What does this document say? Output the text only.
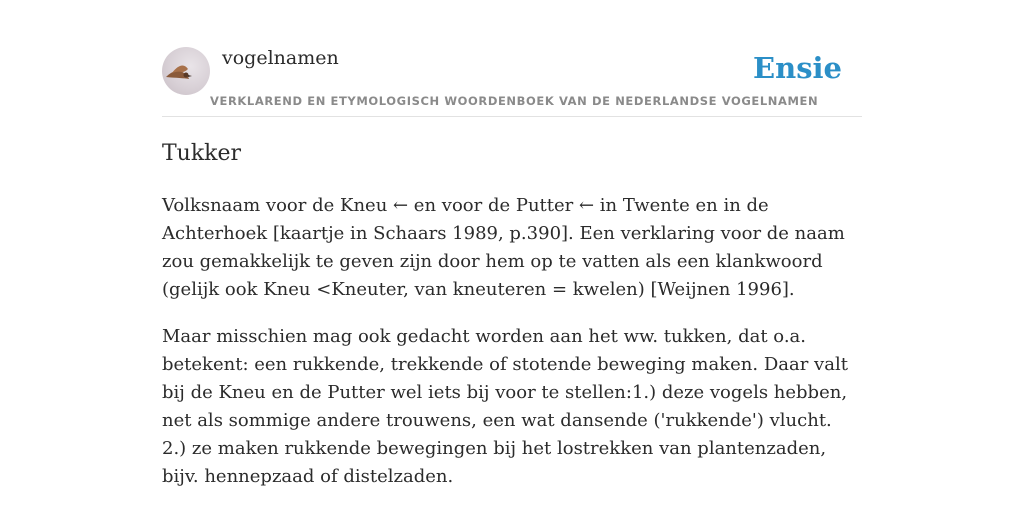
vogelnamen
VERKLAREND EN ETYMOLOGISCH WOORDENBOEK VAN DE NEDERLANDSE VOGELNAMEN
Ensie
Tukker

Volksnaam voor de Kneu ← en voor de Putter ← in Twente en in de Achterhoek [kaartje in Schaars 1989, p.390]. Een verklaring voor de naam zou gemakkelijk te geven zijn door hem op te vatten als een klankwoord (gelijk ook Kneu <Kneuter, van kneuteren = kwelen) [Weijnen 1996].

Maar misschien mag ook gedacht worden aan het ww. tukken, dat o.a. betekent: een rukkende, trekkende of stotende beweging maken. Daar valt bij de Kneu en de Putter wel iets bij voor te stellen:1.) deze vogels hebben, net als sommige andere trouwens, een wat dansende ('rukkende') vlucht.
2.) ze maken rukkende bewegingen bij het lostrekken van plantenzaden, bijv. hennepzaad of distelzaden.
